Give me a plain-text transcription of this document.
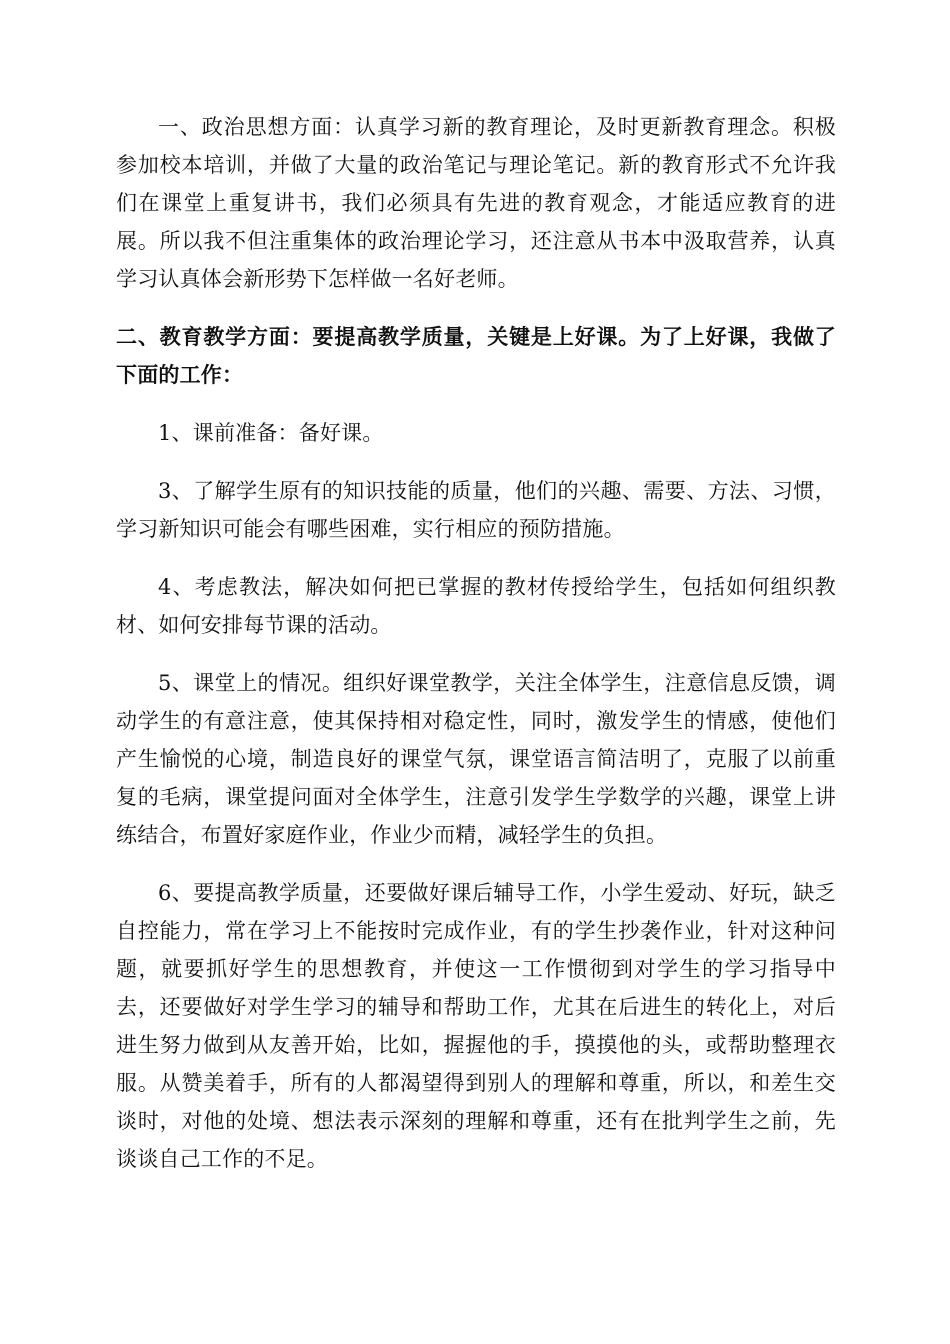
一、政治思想方面：认真学习新的教育理论，及时更新教育理念。积极参加校本培训，并做了大量的政治笔记与理论笔记。新的教育形式不允许我们在课堂上重复讲书，我们必须具有先进的教育观念，才能适应教育的进展。所以我不但注重集体的政治理论学习，还注意从书本中汲取营养，认真学习认真体会新形势下怎样做一名好老师。

二、教育教学方面：要提高教学质量，关键是上好课。为了上好课，我做了下面的工作：

1、课前准备：备好课。

3、了解学生原有的知识技能的质量，他们的兴趣、需要、方法、习惯，学习新知识可能会有哪些困难，实行相应的预防措施。

4、考虑教法，解决如何把已掌握的教材传授给学生，包括如何组织教材、如何安排每节课的活动。

5、课堂上的情况。组织好课堂教学，关注全体学生，注意信息反馈，调动学生的有意注意，使其保持相对稳定性，同时，激发学生的情感，使他们产生愉悦的心境，制造良好的课堂气氛，课堂语言简洁明了，克服了以前重复的毛病，课堂提问面对全体学生，注意引发学生学数学的兴趣，课堂上讲练结合，布置好家庭作业，作业少而精，减轻学生的负担。

6、要提高教学质量，还要做好课后辅导工作，小学生爱动、好玩，缺乏自控能力，常在学习上不能按时完成作业，有的学生抄袭作业，针对这种问题，就要抓好学生的思想教育，并使这一工作惯彻到对学生的学习指导中去，还要做好对学生学习的辅导和帮助工作，尤其在后进生的转化上，对后进生努力做到从友善开始，比如，握握他的手，摸摸他的头，或帮助整理衣服。从赞美着手，所有的人都渴望得到别人的理解和尊重，所以，和差生交谈时，对他的处境、想法表示深刻的理解和尊重，还有在批判学生之前，先谈谈自己工作的不足。
